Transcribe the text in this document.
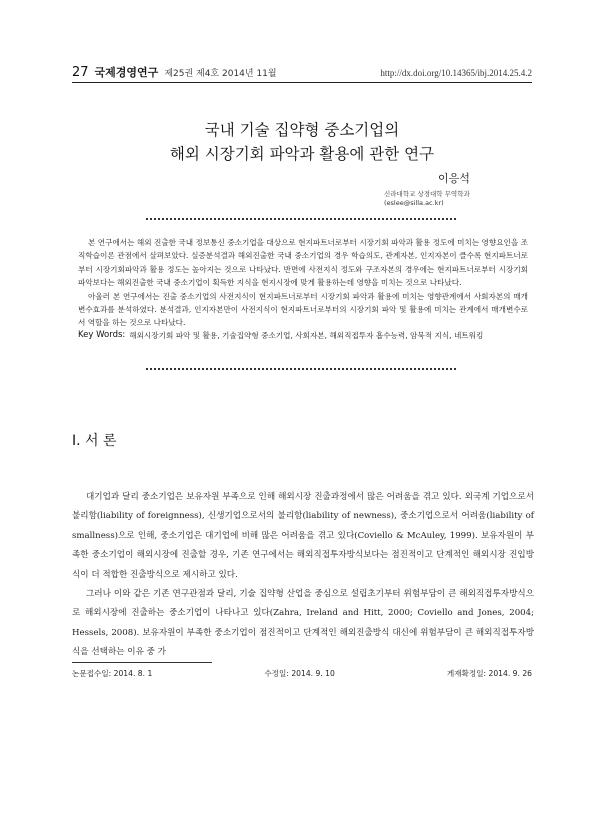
27 국제경영연구 제25권 제4호 2014년 11월	http://dx.doi.org/10.14365/ibj.2014.25.4.2
국내 기술 집약형 중소기업의
해외 시장기회 파악과 활용에 관한 연구
이응석
신라대학교 상경대학 무역학과
(eslee@silla.ac.kr)

본 연구에서는 해외 진출한 국내 정보통신 중소기업을 대상으로 현지파트너로부터 시장기회 파악과 활용 정도에 미치는 영향요인을 조직학습이론 관점에서 살펴보았다. 실증분석결과 해외진출한 국내 중소기업의 경우 학습의도, 관계자본, 인지자본이 클수록 현지파트너로부터 시장기회파악과 활용 정도는 높아지는 것으로 나타났다. 반면에 사전지식 정도와 구조자본의 경우에는 현지파트너로부터 시장기회 파악보다는 해외진출한 국내 중소기업이 획득한 지식을 현지시장에 맞게 활용하는데 영향을 미치는 것으로 나타났다.

아울러 본 연구에서는 진출 중소기업의 사전지식이 현지파트너로부터 시장기회 파악과 활용에 미치는 영향관계에서 사회자본의 매개변수효과를 분석하였다. 분석결과, 인지자본만이 사전지식이 현지파트너로부터의 시장기회 파악 및 활용에 미치는 관계에서 매개변수로서 역할을 하는 것으로 나타났다.

Key Words: 해외시장기회 파악 및 활용, 기술집약형 중소기업, 사회자본, 해외직접투자 흡수능력, 암묵적 지식, 네트워킹
Ⅰ. 서 론

대기업과 달리 중소기업은 보유자원 부족으로 인해 해외시장 진출과정에서 많은 어려움을 겪고 있다. 외국계 기업으로서 불리함(liability of foreignness), 신생기업으로서의 불리함(liability of newness), 중소기업으로서 어려움(liability of smallness)으로 인해, 중소기업은 대기업에 비해 많은 어려움을 겪고 있다(Coviello & McAuley, 1999). 보유자원이 부족한 중소기업이 해외시장에 진출할 경우, 기존 연구에서는 해외직접투자방식보다는 점진적이고 단계적인 해외시장 진입방식이 더 적합한 진출방식으로 제시하고 있다.

그러나 이와 같은 기존 연구관점과 달리, 기술 집약형 산업을 중심으로 설립초기부터 위험부담이 큰 해외직접투자방식으로 해외시장에 진출하는 중소기업이 나타나고 있다(Zahra, Ireland and Hitt, 2000; Coviello and Jones, 2004; Hessels, 2008). 보유자원이 부족한 중소기업이 점진적이고 단계적인 해외진출방식 대신에 위험부담이 큰 해외직접투자방식을 선택하는 이유 중 가

논문접수일: 2014. 8. 1	수정일: 2014. 9. 10	게재확정일: 2014. 9. 26
